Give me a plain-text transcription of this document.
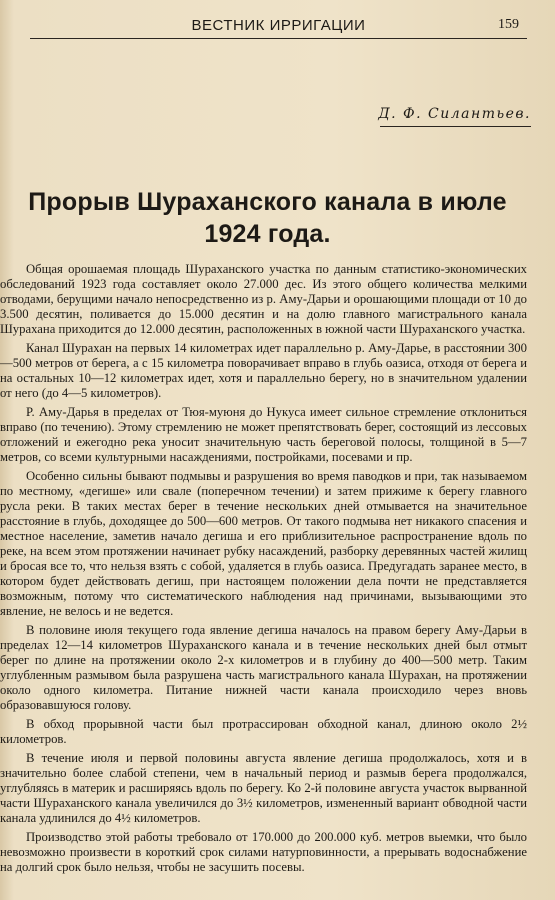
ВЕСТНИК ИРРИГАЦИИ	159
Д. Ф. Силантьев.
Прорыв Шураханского канала в июле 1924 года.

Общая орошаемая площадь Шураханского участка по данным статистико-экономических обследований 1923 года составляет около 27.000 дес. Из этого общего количества мелкими отводами, берущими начало непосредственно из р. Аму-Дарьи и орошающими площади от 10 до 3.500 десятин, поливается до 15.000 десятин и на долю главного магистрального канала Шурахана приходится до 12.000 десятин, расположенных в южной части Шураханского участка.

Канал Шурахан на первых 14 километрах идет параллельно р. Аму-Дарье, в расстоянии 300—500 метров от берега, а с 15 километра поворачивает вправо в глубь оазиса, отходя от берега и на остальных 10—12 километрах идет, хотя и параллельно берегу, но в значительном удалении от него (до 4—5 километров).

Р. Аму-Дарья в пределах от Тюя-муюня до Нукуса имеет сильное стремление отклониться вправо (по течению). Этому стремлению не может препятствовать берег, состоящий из лессовых отложений и ежегодно река уносит значительную часть береговой полосы, толщиной в 5—7 метров, со всеми культурными насаждениями, постройками, посевами и пр.

Особенно сильны бывают подмывы и разрушения во время паводков и при, так называемом по местному, «дегише» или свале (поперечном течении) и затем прижиме к берегу главного русла реки. В таких местах берег в течение нескольких дней отмывается на значительное расстояние в глубь, доходящее до 500—600 метров. От такого подмыва нет никакого спасения и местное население, заметив начало дегиша и его приблизительное распространение вдоль по реке, на всем этом протяжении начинает рубку насаждений, разборку деревянных частей жилищ и бросая все то, что нельзя взять с собой, удаляется в глубь оазиса. Предугадать заранее место, в котором будет действовать дегиш, при настоящем положении дела почти не представляется возможным, потому что систематического наблюдения над причинами, вызывающими это явление, не велось и не ведется.

В половине июля текущего года явление дегиша началось на правом берегу Аму-Дарьи в пределах 12—14 километров Шураханского канала и в течение нескольких дней был отмыт берег по длине на протяжении около 2-х километров и в глубину до 400—500 метр. Таким углубленным размывом была разрушена часть магистрального канала Шурахан, на протяжении около одного километра. Питание нижней части канала происходило через вновь образовавшуюся голову.

В обход прорывной части был протрассирован обходной канал, длиною около 2½ километров.

В течение июля и первой половины августа явление дегиша продолжалось, хотя и в значительно более слабой степени, чем в начальный период и размыв берега продолжался, углубляясь в материк и расширяясь вдоль по берегу. Ко 2-й половине августа участок вырванной части Шураханского канала увеличился до 3½ километров, измененный вариант обводной части канала удлинился до 4½ километров.

Производство этой работы требовало от 170.000 до 200.000 куб. метров выемки, что было невозможно произвести в короткий срок силами натурповинности, а прерывать водоснабжение на долгий срок было нельзя, чтобы не засушить посевы.
